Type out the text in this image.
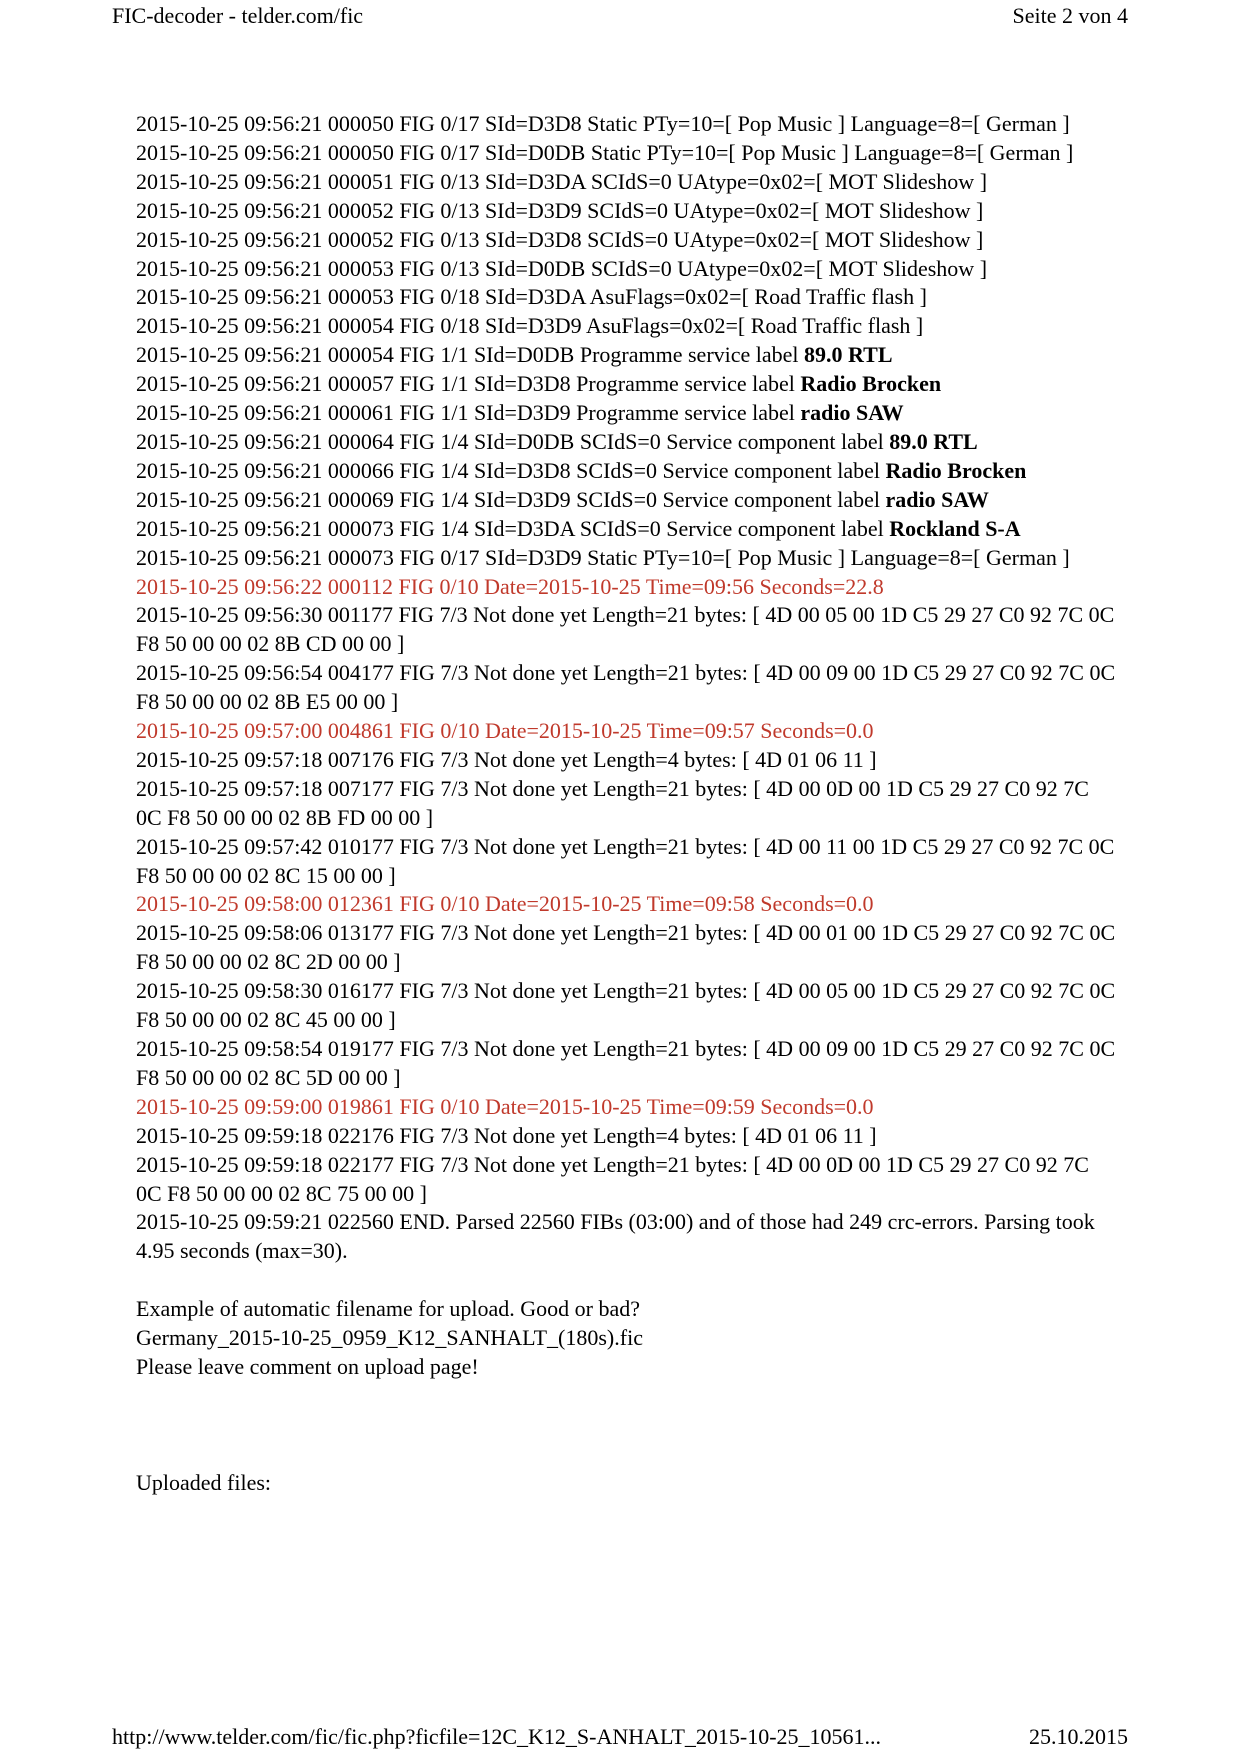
FIC-decoder - telder.com/fic	Seite 2 von 4
2015-10-25 09:56:21 000050 FIG 0/17 SId=D3D8 Static PTy=10=[ Pop Music ] Language=8=[ German ]
2015-10-25 09:56:21 000050 FIG 0/17 SId=D0DB Static PTy=10=[ Pop Music ] Language=8=[ German ]
2015-10-25 09:56:21 000051 FIG 0/13 SId=D3DA SCIdS=0 UAtype=0x02=[ MOT Slideshow ]
2015-10-25 09:56:21 000052 FIG 0/13 SId=D3D9 SCIdS=0 UAtype=0x02=[ MOT Slideshow ]
2015-10-25 09:56:21 000052 FIG 0/13 SId=D3D8 SCIdS=0 UAtype=0x02=[ MOT Slideshow ]
2015-10-25 09:56:21 000053 FIG 0/13 SId=D0DB SCIdS=0 UAtype=0x02=[ MOT Slideshow ]
2015-10-25 09:56:21 000053 FIG 0/18 SId=D3DA AsuFlags=0x02=[ Road Traffic flash ]
2015-10-25 09:56:21 000054 FIG 0/18 SId=D3D9 AsuFlags=0x02=[ Road Traffic flash ]
2015-10-25 09:56:21 000054 FIG 1/1 SId=D0DB Programme service label 89.0 RTL
2015-10-25 09:56:21 000057 FIG 1/1 SId=D3D8 Programme service label Radio Brocken
2015-10-25 09:56:21 000061 FIG 1/1 SId=D3D9 Programme service label radio SAW
2015-10-25 09:56:21 000064 FIG 1/4 SId=D0DB SCIdS=0 Service component label 89.0 RTL
2015-10-25 09:56:21 000066 FIG 1/4 SId=D3D8 SCIdS=0 Service component label Radio Brocken
2015-10-25 09:56:21 000069 FIG 1/4 SId=D3D9 SCIdS=0 Service component label radio SAW
2015-10-25 09:56:21 000073 FIG 1/4 SId=D3DA SCIdS=0 Service component label Rockland S-A
2015-10-25 09:56:21 000073 FIG 0/17 SId=D3D9 Static PTy=10=[ Pop Music ] Language=8=[ German ]
2015-10-25 09:56:22 000112 FIG 0/10 Date=2015-10-25 Time=09:56 Seconds=22.8
2015-10-25 09:56:30 001177 FIG 7/3 Not done yet Length=21 bytes: [ 4D 00 05 00 1D C5 29 27 C0 92 7C 0C F8 50 00 00 02 8B CD 00 00 ]
2015-10-25 09:56:54 004177 FIG 7/3 Not done yet Length=21 bytes: [ 4D 00 09 00 1D C5 29 27 C0 92 7C 0C F8 50 00 00 02 8B E5 00 00 ]
2015-10-25 09:57:00 004861 FIG 0/10 Date=2015-10-25 Time=09:57 Seconds=0.0
2015-10-25 09:57:18 007176 FIG 7/3 Not done yet Length=4 bytes: [ 4D 01 06 11 ]
2015-10-25 09:57:18 007177 FIG 7/3 Not done yet Length=21 bytes: [ 4D 00 0D 00 1D C5 29 27 C0 92 7C 0C F8 50 00 00 02 8B FD 00 00 ]
2015-10-25 09:57:42 010177 FIG 7/3 Not done yet Length=21 bytes: [ 4D 00 11 00 1D C5 29 27 C0 92 7C 0C F8 50 00 00 02 8C 15 00 00 ]
2015-10-25 09:58:00 012361 FIG 0/10 Date=2015-10-25 Time=09:58 Seconds=0.0
2015-10-25 09:58:06 013177 FIG 7/3 Not done yet Length=21 bytes: [ 4D 00 01 00 1D C5 29 27 C0 92 7C 0C F8 50 00 00 02 8C 2D 00 00 ]
2015-10-25 09:58:30 016177 FIG 7/3 Not done yet Length=21 bytes: [ 4D 00 05 00 1D C5 29 27 C0 92 7C 0C F8 50 00 00 02 8C 45 00 00 ]
2015-10-25 09:58:54 019177 FIG 7/3 Not done yet Length=21 bytes: [ 4D 00 09 00 1D C5 29 27 C0 92 7C 0C F8 50 00 00 02 8C 5D 00 00 ]
2015-10-25 09:59:00 019861 FIG 0/10 Date=2015-10-25 Time=09:59 Seconds=0.0
2015-10-25 09:59:18 022176 FIG 7/3 Not done yet Length=4 bytes: [ 4D 01 06 11 ]
2015-10-25 09:59:18 022177 FIG 7/3 Not done yet Length=21 bytes: [ 4D 00 0D 00 1D C5 29 27 C0 92 7C 0C F8 50 00 00 02 8C 75 00 00 ]
2015-10-25 09:59:21 022560 END. Parsed 22560 FIBs (03:00) and of those had 249 crc-errors. Parsing took 4.95 seconds (max=30).
Example of automatic filename for upload. Good or bad?
Germany_2015-10-25_0959_K12_SANHALT_(180s).fic
Please leave comment on upload page!
Uploaded files:
http://www.telder.com/fic/fic.php?ficfile=12C_K12_S-ANHALT_2015-10-25_10561...	25.10.2015
